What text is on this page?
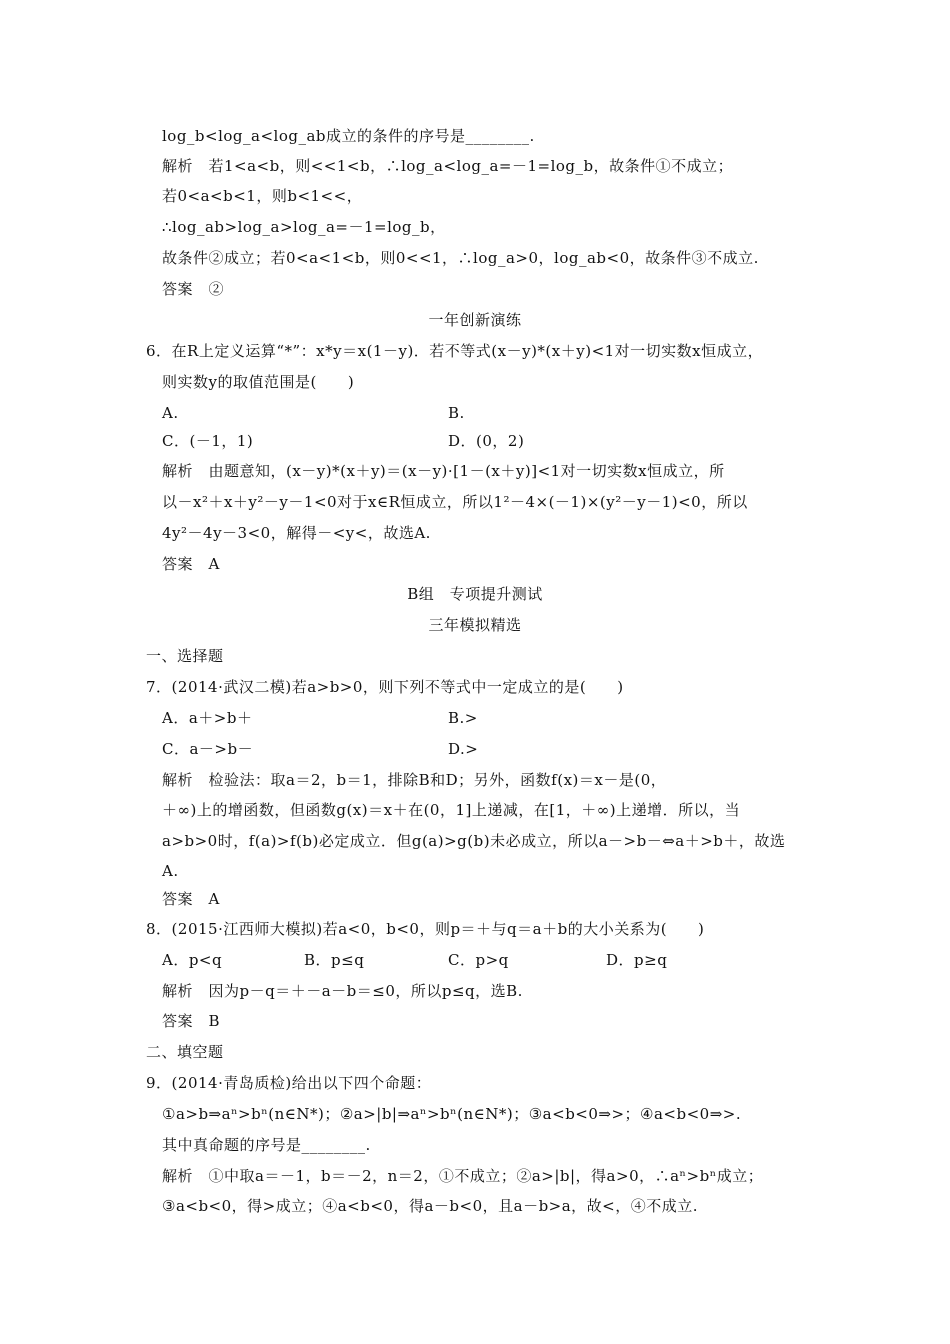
log_b<log_a<log_ab成立的条件的序号是________.
解析　若1<a<b，则<<1<b，∴log_a<log_a=－1=log_b，故条件①不成立；
若0<a<b<1，则b<1<<，
∴log_ab>log_a>log_a=－1=log_b，
故条件②成立；若0<a<1<b，则0<<1，∴log_a>0，log_ab<0，故条件③不成立.
答案　②
一年创新演练
6．在R上定义运算“*”：x*y＝x(1－y)．若不等式(x－y)*(x＋y)<1对一切实数x恒成立，
则实数y的取值范围是(　　)
A.	B.
C．(－1，1)	D．(0，2)
解析　由题意知，(x－y)*(x＋y)＝(x－y)·[1－(x＋y)]<1对一切实数x恒成立，所
以－x²＋x＋y²－y－1<0对于x∈R恒成立，所以1²－4×(－1)×(y²－y－1)<0，所以
4y²－4y－3<0，解得－<y<，故选A.
答案　A
B组　专项提升测试
三年模拟精选
一、选择题
7．(2014·武汉二模)若a>b>0，则下列不等式中一定成立的是(　　)
A．a＋>b＋	B.>
C．a－>b－	D.>
解析　检验法：取a＝2，b＝1，排除B和D；另外，函数f(x)＝x－是(0，
＋∞)上的增函数，但函数g(x)＝x＋在(0，1]上递减，在[1，＋∞)上递增．所以，当
a>b>0时，f(a)>f(b)必定成立．但g(a)>g(b)未必成立，所以a－>b－⇔a＋>b＋，故选
A.
答案　A
8．(2015·江西师大模拟)若a<0，b<0，则p＝＋与q＝a＋b的大小关系为(　　)
A．p<q	B．p≤q	C．p>q	D．p≥q
解析　因为p－q＝＋－a－b＝≤0，所以p≤q，选B.
答案　B
二、填空题
9．(2014·青岛质检)给出以下四个命题：
①a>b⇒aⁿ>bⁿ(n∈N*)；②a>|b|⇒aⁿ>bⁿ(n∈N*)；③a<b<0⇒>；④a<b<0⇒>.
其中真命题的序号是________.
解析　①中取a＝－1，b＝－2，n＝2，①不成立；②a>|b|，得a>0，∴aⁿ>bⁿ成立；
③a<b<0，得>成立；④a<b<0，得a－b<0，且a－b>a，故<，④不成立.
